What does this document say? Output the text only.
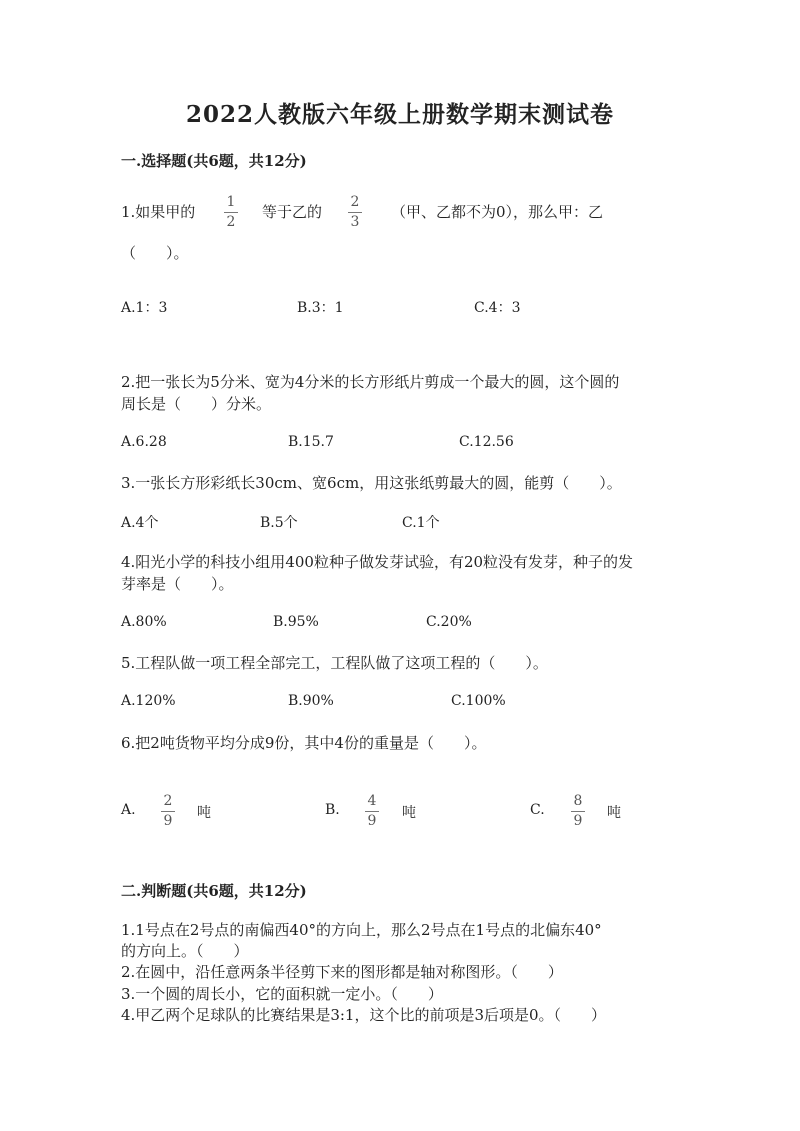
2022人教版六年级上册数学期末测试卷
一.选择题(共6题，共12分)
1.如果甲的
1
2
等于乙的
2
3
（甲、乙都不为0），那么甲：乙
（　　）。
A.1：3	B.3：1	C.4：3
2.把一张长为5分米、宽为4分米的长方形纸片剪成一个最大的圆，这个圆的
周长是（　　）分米。
A.6.28	B.15.7	C.12.56
3.一张长方形彩纸长30cm、宽6cm，用这张纸剪最大的圆，能剪（　　）。
A.4个	B.5个	C.1个
4.阳光小学的科技小组用400粒种子做发芽试验，有20粒没有发芽，种子的发
芽率是（　　）。
A.80%	B.95%	C.20%
5.工程队做一项工程全部完工，工程队做了这项工程的（　　）。
A.120%	B.90%	C.100%
6.把2吨货物平均分成9份，其中4份的重量是（　　）。
A.
2
9 吨	B.
4
9 吨	C.
8
9 吨
二.判断题(共6题，共12分)
1.1号点在2号点的南偏西40°的方向上，那么2号点在1号点的北偏东40°
的方向上。（　　）
2.在圆中，沿任意两条半径剪下来的图形都是轴对称图形。（　　）
3.一个圆的周长小，它的面积就一定小。（　　）
4.甲乙两个足球队的比赛结果是3:1，这个比的前项是3后项是0。（　　）
